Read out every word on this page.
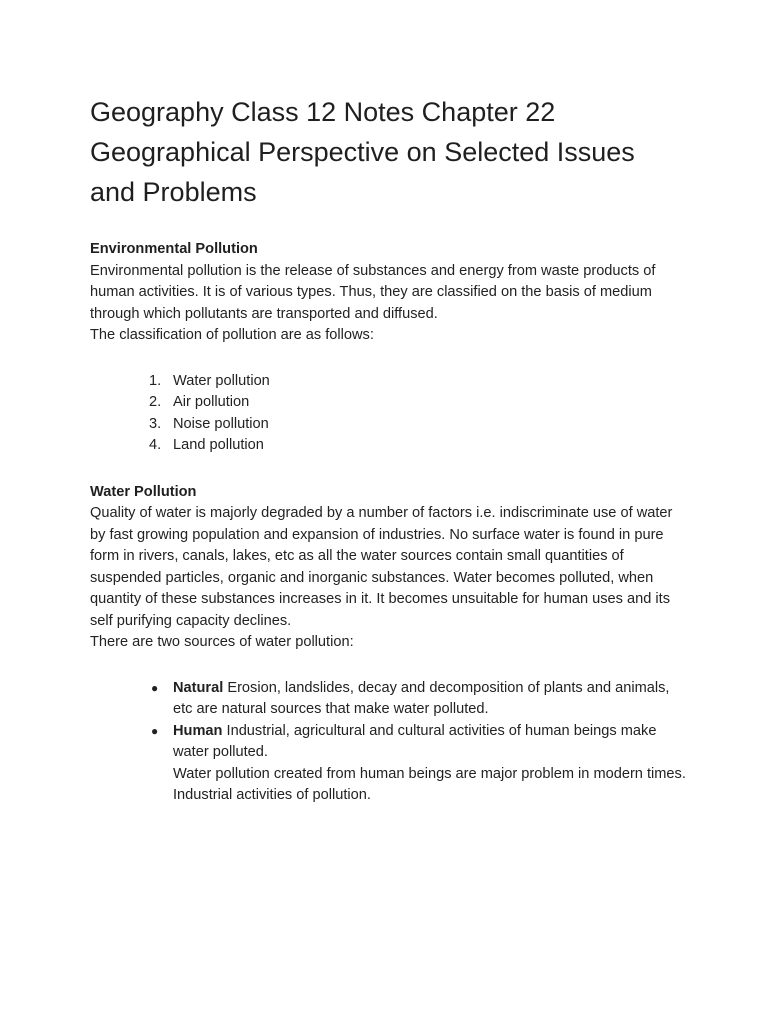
Geography Class 12 Notes Chapter 22
Geographical Perspective on Selected Issues
and Problems
Environmental Pollution

Environmental pollution is the release of substances and energy from waste products of human activities. It is of various types. Thus, they are classified on the basis of medium through which pollutants are transported and diffused.

The classification of pollution are as follows:

1. Water pollution
2. Air pollution
3. Noise pollution
4. Land pollution
Water Pollution

Quality of water is majorly degraded by a number of factors i.e. indiscriminate use of water by fast growing population and expansion of industries. No surface water is found in pure form in rivers, canals, lakes, etc as all the water sources contain small quantities of suspended particles, organic and inorganic substances. Water becomes polluted, when quantity of these substances increases in it. It becomes unsuitable for human uses and its self purifying capacity declines.

There are two sources of water pollution:

● Natural Erosion, landslides, decay and decomposition of plants and animals, etc are natural sources that make water polluted.
● Human Industrial, agricultural and cultural activities of human beings make water polluted.
Water pollution created from human beings are major problem in modern times. Industrial activities of pollution.
